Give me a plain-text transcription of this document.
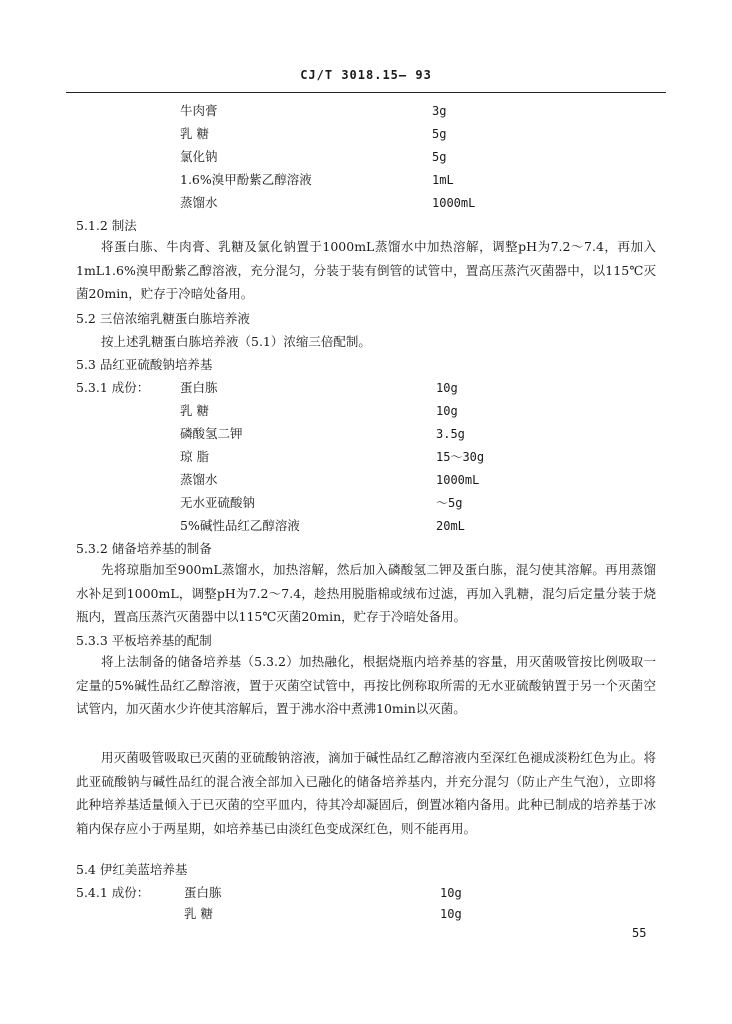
CJ/T 3018.15— 93
牛肉膏	3g
乳 糖	5g
氯化钠	5g
1.6%溴甲酚紫乙醇溶液	1mL
蒸馏水	1000mL
5.1.2 制法
将蛋白胨、牛肉膏、乳糖及氯化钠置于1000mL蒸馏水中加热溶解，调整pH为7.2～7.4，再加入1mL1.6%溴甲酚紫乙醇溶液，充分混匀，分装于装有倒管的试管中，置高压蒸汽灭菌器中，以115℃灭菌20min，贮存于冷暗处备用。
5.2 三倍浓缩乳糖蛋白胨培养液
按上述乳糖蛋白胨培养液（5.1）浓缩三倍配制。
5.3 品红亚硫酸钠培养基
5.3.1 成份： 蛋白胨	10g
乳 糖	10g
磷酸氢二钾	3.5g
琼 脂	15～30g
蒸馏水	1000mL
无水亚硫酸钠	～5g
5%碱性品红乙醇溶液	20mL
5.3.2 储备培养基的制备
先将琼脂加至900mL蒸馏水，加热溶解，然后加入磷酸氢二钾及蛋白胨，混匀使其溶解。再用蒸馏水补足到1000mL，调整pH为7.2～7.4，趁热用脱脂棉或绒布过滤，再加入乳糖，混匀后定量分装于烧瓶内，置高压蒸汽灭菌器中以115℃灭菌20min，贮存于冷暗处备用。
5.3.3 平板培养基的配制
将上法制备的储备培养基（5.3.2）加热融化，根据烧瓶内培养基的容量，用灭菌吸管按比例吸取一定量的5%碱性品红乙醇溶液，置于灭菌空试管中，再按比例称取所需的无水亚硫酸钠置于另一个灭菌空试管内，加灭菌水少许使其溶解后，置于沸水浴中煮沸10min以灭菌。
用灭菌吸管吸取已灭菌的亚硫酸钠溶液，滴加于碱性品红乙醇溶液内至深红色褪成淡粉红色为止。将此亚硫酸钠与碱性品红的混合液全部加入已融化的储备培养基内，并充分混匀（防止产生气泡），立即将此种培养基适量倾入于已灭菌的空平皿内，待其冷却凝固后，倒置冰箱内备用。此种已制成的培养基于冰箱内保存应小于两星期，如培养基已由淡红色变成深红色，则不能再用。
5.4 伊红美蓝培养基
5.4.1 成份：	蛋白胨	10g
乳 糖	10g
55
